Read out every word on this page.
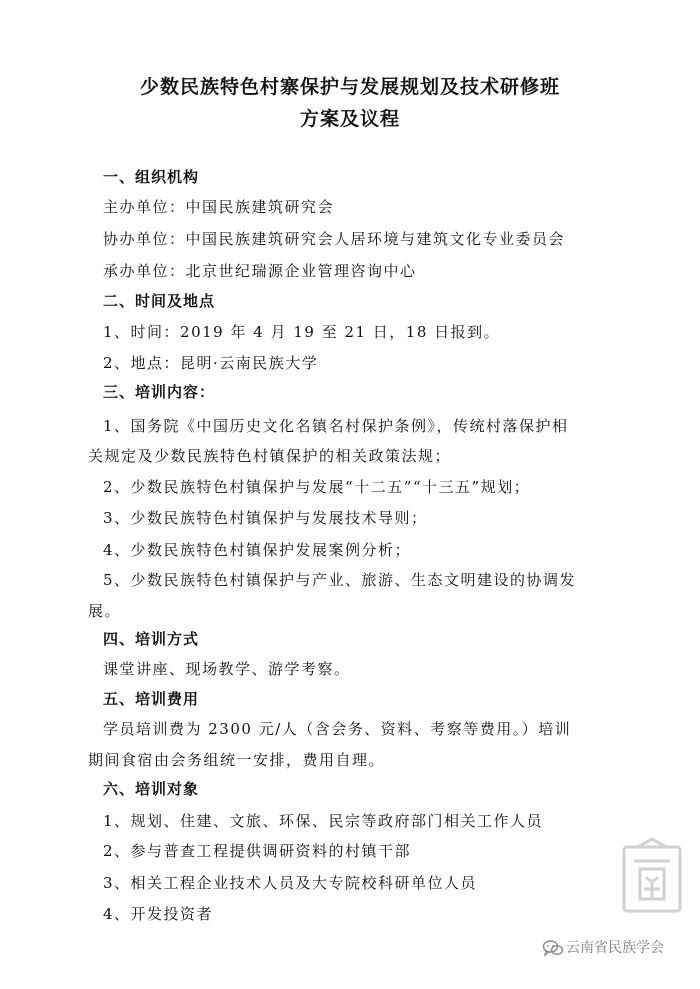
少数民族特色村寨保护与发展规划及技术研修班
方案及议程
一、组织机构
主办单位：中国民族建筑研究会
协办单位：中国民族建筑研究会人居环境与建筑文化专业委员会
承办单位：北京世纪瑞源企业管理咨询中心
二、时间及地点
1、时间：2019 年 4 月 19 至 21 日，18 日报到。
2、地点：昆明·云南民族大学
三、培训内容：
1、国务院《中国历史文化名镇名村保护条例》，传统村落保护相
关规定及少数民族特色村镇保护的相关政策法规；
2、少数民族特色村镇保护与发展“十二五”“十三五”规划；
3、少数民族特色村镇保护与发展技术导则；
4、少数民族特色村镇保护发展案例分析；
5、少数民族特色村镇保护与产业、旅游、生态文明建设的协调发
展。
四、培训方式
课堂讲座、现场教学、游学考察。
五、培训费用
学员培训费为 2300 元/人（含会务、资料、考察等费用。）培训
期间食宿由会务组统一安排，费用自理。
六、培训对象
1、规划、住建、文旅、环保、民宗等政府部门相关工作人员
2、参与普查工程提供调研资料的村镇干部
3、相关工程企业技术人员及大专院校科研单位人员
4、开发投资者
云南省民族学会
